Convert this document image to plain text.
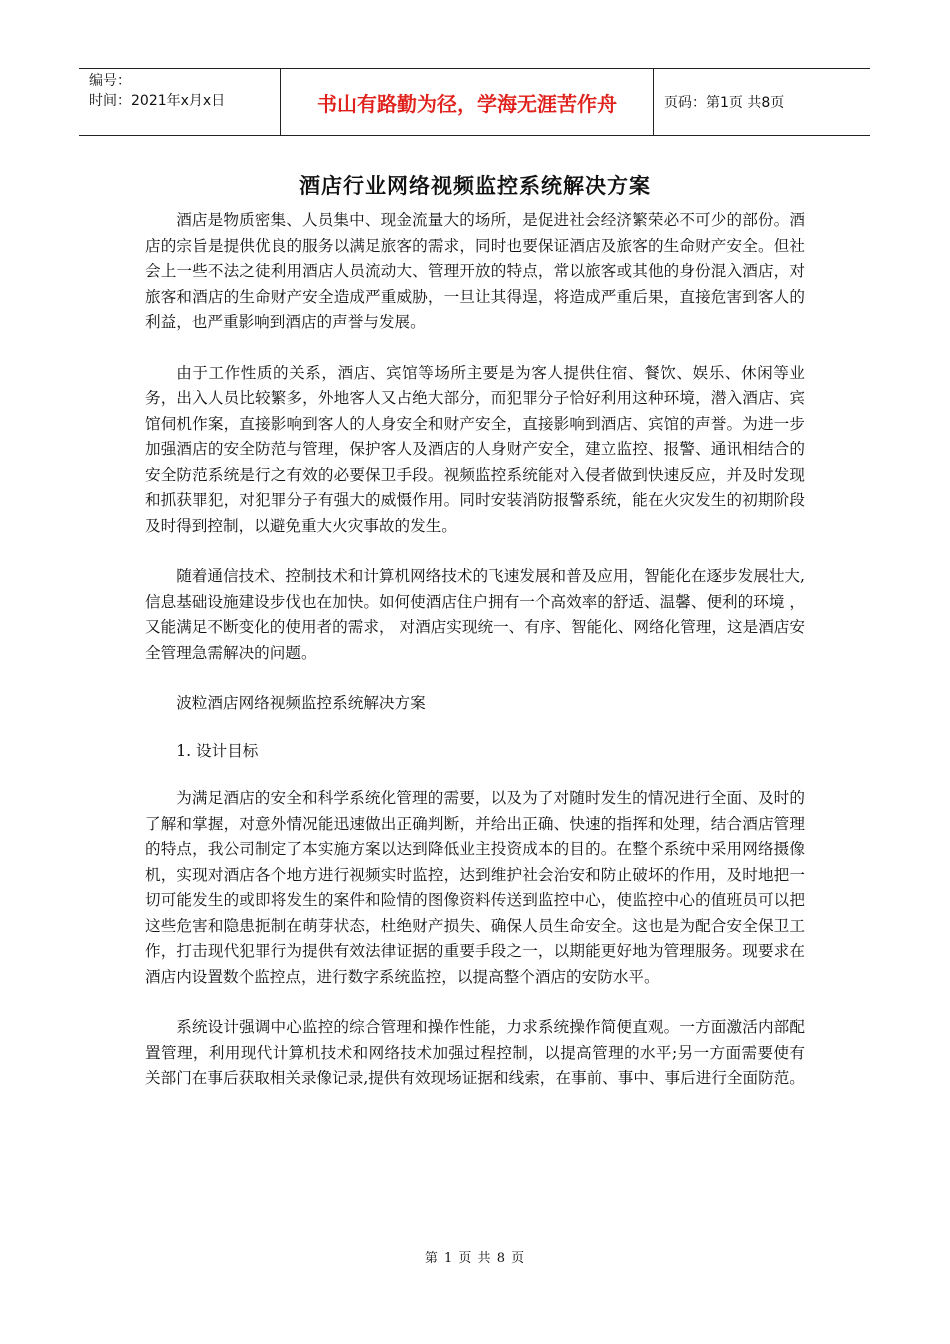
编号：
时间：2021年x月x日	书山有路勤为径，学海无涯苦作舟	页码：第1页 共8页
酒店行业网络视频监控系统解决方案

酒店是物质密集、人员集中、现金流量大的场所，是促进社会经济繁荣必不可少的部份。酒店的宗旨是提供优良的服务以满足旅客的需求，同时也要保证酒店及旅客的生命财产安全。但社会上一些不法之徒利用酒店人员流动大、管理开放的特点，常以旅客或其他的身份混入酒店，对旅客和酒店的生命财产安全造成严重威胁，一旦让其得逞，将造成严重后果，直接危害到客人的利益，也严重影响到酒店的声誉与发展。

由于工作性质的关系，酒店、宾馆等场所主要是为客人提供住宿、餐饮、娱乐、休闲等业务，出入人员比较繁多，外地客人又占绝大部分，而犯罪分子恰好利用这种环境，潜入酒店、宾馆伺机作案，直接影响到客人的人身安全和财产安全，直接影响到酒店、宾馆的声誉。为进一步加强酒店的安全防范与管理，保护客人及酒店的人身财产安全，建立监控、报警、通讯相结合的安全防范系统是行之有效的必要保卫手段。视频监控系统能对入侵者做到快速反应，并及时发现和抓获罪犯，对犯罪分子有强大的威慑作用。同时安装消防报警系统，能在火灾发生的初期阶段及时得到控制，以避免重大火灾事故的发生。

随着通信技术、控制技术和计算机网络技术的飞速发展和普及应用，智能化在逐步发展壮大,信息基础设施建设步伐也在加快。如何使酒店住户拥有一个高效率的舒适、温馨、便利的环境 ，又能满足不断变化的使用者的需求， 对酒店实现统一、有序、智能化、网络化管理，这是酒店安全管理急需解决的问题。

波粒酒店网络视频监控系统解决方案

1. 设计目标

为满足酒店的安全和科学系统化管理的需要，以及为了对随时发生的情况进行全面、及时的了解和掌握，对意外情况能迅速做出正确判断，并给出正确、快速的指挥和处理，结合酒店管理的特点，我公司制定了本实施方案以达到降低业主投资成本的目的。在整个系统中采用网络摄像机，实现对酒店各个地方进行视频实时监控，达到维护社会治安和防止破坏的作用，及时地把一切可能发生的或即将发生的案件和险情的图像资料传送到监控中心，使监控中心的值班员可以把这些危害和隐患扼制在萌芽状态，杜绝财产损失、确保人员生命安全。这也是为配合安全保卫工作，打击现代犯罪行为提供有效法律证据的重要手段之一，以期能更好地为管理服务。现要求在酒店内设置数个监控点，进行数字系统监控，以提高整个酒店的安防水平。

系统设计强调中心监控的综合管理和操作性能，力求系统操作简便直观。一方面激活内部配置管理，利用现代计算机技术和网络技术加强过程控制，以提高管理的水平;另一方面需要使有关部门在事后获取相关录像记录,提供有效现场证据和线索，在事前、事中、事后进行全面防范。

第 1 页 共 8 页
